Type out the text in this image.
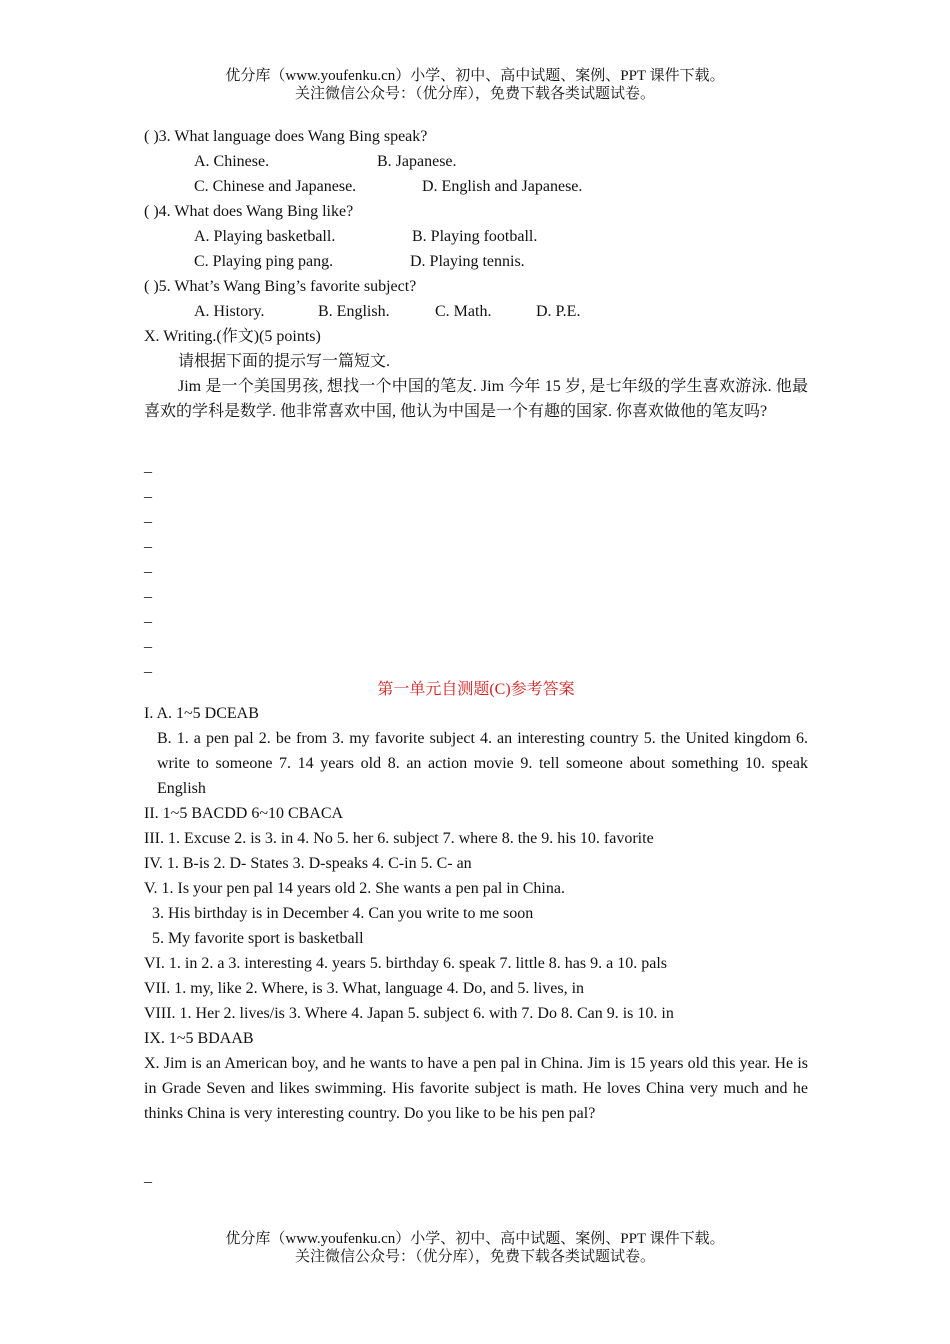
优分库（www.youfenku.cn）小学、初中、高中试题、案例、PPT 课件下载。
关注微信公众号：（优分库），免费下载各类试题试卷。
( )3. What language does Wang Bing speak?
A. Chinese.	B. Japanese.
C. Chinese and Japanese.	D. English and Japanese.
( )4. What does Wang Bing like?
A. Playing basketball.	B. Playing football.
C. Playing ping pang.	D. Playing tennis.
( )5. What’s Wang Bing’s favorite subject?
A. History.	B. English.	C. Math.	D. P.E.
X. Writing.(作文)(5 points)
请根据下面的提示写一篇短文.
Jim 是一个美国男孩, 想找一个中国的笔友. Jim 今年 15 岁, 是七年级的学生喜欢游泳. 他最喜欢的学科是数学. 他非常喜欢中国, 他认为中国是一个有趣的国家. 你喜欢做他的笔友吗?
_
_
_
_
_
_
_
_
_
第一单元自测题(C)参考答案
I. A. 1~5 DCEAB
B. 1. a pen pal 2. be from 3. my favorite subject 4. an interesting country 5. the United kingdom 6. write to someone 7. 14 years old 8. an action movie 9. tell someone about something 10. speak English
II. 1~5 BACDD 6~10 CBACA
III. 1. Excuse 2. is 3. in 4. No 5. her 6. subject 7. where 8. the 9. his 10. favorite
IV. 1. B-is 2. D- States 3. D-speaks 4. C-in 5. C- an
V. 1. Is your pen pal 14 years old 2. She wants a pen pal in China.
3. His birthday is in December 4. Can you write to me soon
5. My favorite sport is basketball
VI. 1. in 2. a 3. interesting 4. years 5. birthday 6. speak 7. little 8. has 9. a 10. pals
VII. 1. my, like 2. Where, is 3. What, language 4. Do, and 5. lives, in
VIII. 1. Her 2. lives/is 3. Where 4. Japan 5. subject 6. with 7. Do 8. Can 9. is 10. in
IX. 1~5 BDAAB
X. Jim is an American boy, and he wants to have a pen pal in China. Jim is 15 years old this year. He is in Grade Seven and likes swimming. His favorite subject is math. He loves China very much and he thinks China is very interesting country. Do you like to be his pen pal?
_
优分库（www.youfenku.cn）小学、初中、高中试题、案例、PPT 课件下载。
关注微信公众号：（优分库），免费下载各类试题试卷。
